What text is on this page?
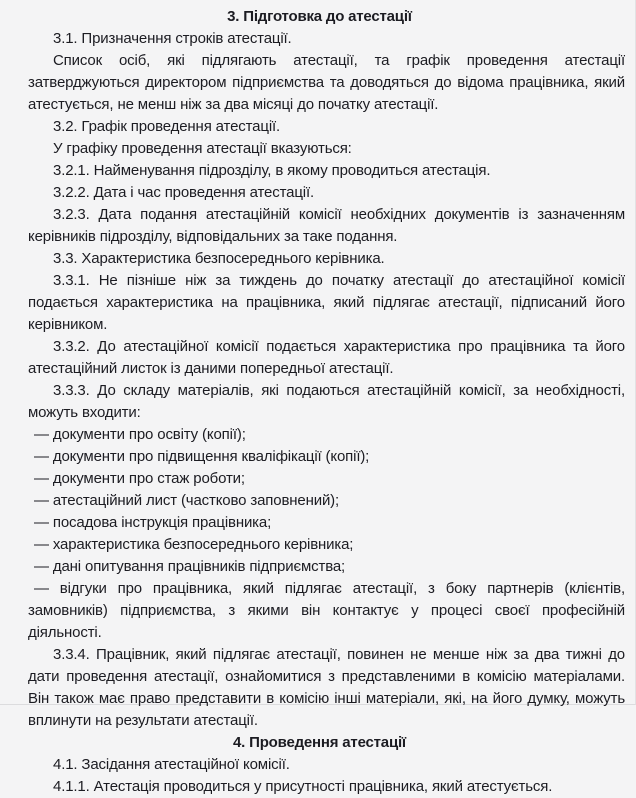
3. Підготовка до атестації

3.1. Призначення строків атестації.

Список осіб, які підлягають атестації, та графік проведення атестації затверджуються директором підприємства та доводяться до відома працівника, який атестується, не менш ніж за два місяці до початку атестації.

3.2. Графік проведення атестації.

У графіку проведення атестації вказуються:

3.2.1. Найменування підрозділу, в якому проводиться атестація.

3.2.2. Дата і час проведення атестації.

3.2.3. Дата подання атестаційній комісії необхідних документів із зазначенням керівників підрозділу, відповідальних за таке подання.

3.3. Характеристика безпосереднього керівника.

3.3.1. Не пізніше ніж за тиждень до початку атестації до атестаційної комісії подається характеристика на працівника, який підлягає атестації, підписаний його керівником.

3.3.2. До атестаційної комісії подається характеристика про працівника та його атестаційний листок із даними попередньої атестації.

3.3.3. До складу матеріалів, які подаються атестаційній комісії, за необхідності, можуть входити:

— документи про освіту (копії);

— документи про підвищення кваліфікації (копії);

— документи про стаж роботи;

— атестаційний лист (частково заповнений);

— посадова інструкція працівника;

— характеристика безпосереднього керівника;

— дані опитування працівників підприємства;

— відгуки про працівника, який підлягає атестації, з боку партнерів (клієнтів, замовників) підприємства, з якими він контактує у процесі своєї професійній діяльності.

3.3.4. Працівник, який підлягає атестації, повинен не менше ніж за два тижні до дати проведення атестації, ознайомитися з представленими в комісію матеріалами. Він також має право представити в комісію інші матеріали, які, на його думку, можуть вплинути на результати атестації.

4. Проведення атестації

4.1. Засідання атестаційної комісії.

4.1.1. Атестація проводиться у присутності працівника, який атестується.
